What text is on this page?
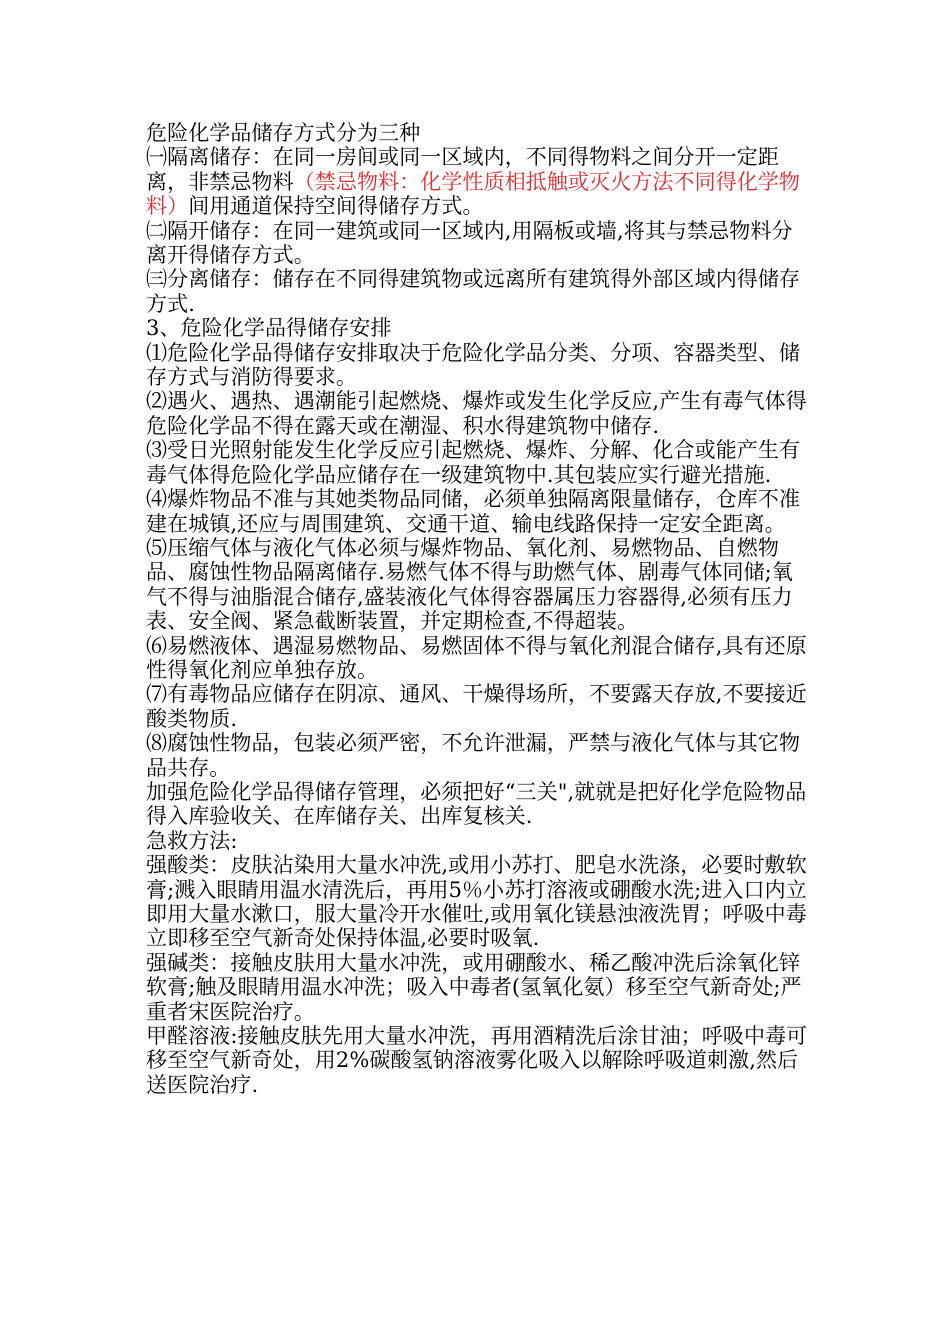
危险化学品储存方式分为三种

㈠隔离储存：在同一房间或同一区域内，不同得物料之间分开一定距离，非禁忌物料（禁忌物料：化学性质相抵触或灭火方法不同得化学物料）间用通道保持空间得储存方式。

㈡隔开储存：在同一建筑或同一区域内,用隔板或墙,将其与禁忌物料分离开得储存方式。

㈢分离储存：储存在不同得建筑物或远离所有建筑得外部区域内得储存方式.

3、危险化学品得储存安排

⑴危险化学品得储存安排取决于危险化学品分类、分项、容器类型、储存方式与消防得要求。

⑵遇火、遇热、遇潮能引起燃烧、爆炸或发生化学反应,产生有毒气体得危险化学品不得在露天或在潮湿、积水得建筑物中储存.

⑶受日光照射能发生化学反应引起燃烧、爆炸、分解、化合或能产生有毒气体得危险化学品应储存在一级建筑物中.其包装应实行避光措施.

⑷爆炸物品不准与其她类物品同储，必须单独隔离限量储存，仓库不准建在城镇,还应与周围建筑、交通干道、输电线路保持一定安全距离。

⑸压缩气体与液化气体必须与爆炸物品、氧化剂、易燃物品、自燃物品、腐蚀性物品隔离储存.易燃气体不得与助燃气体、剧毒气体同储;氧气不得与油脂混合储存,盛装液化气体得容器属压力容器得,必须有压力表、安全阀、紧急截断装置，并定期检查,不得超装。

⑹易燃液体、遇湿易燃物品、易燃固体不得与氧化剂混合储存,具有还原性得氧化剂应单独存放。

⑺有毒物品应储存在阴凉、通风、干燥得场所，不要露天存放,不要接近酸类物质.

⑻腐蚀性物品，包装必须严密，不允许泄漏，严禁与液化气体与其它物品共存。

加强危险化学品得储存管理，必须把好“三关",就就是把好化学危险物品得入库验收关、在库储存关、出库复核关.

急救方法:

强酸类：皮肤沾染用大量水冲洗,或用小苏打、肥皂水洗涤，必要时敷软膏;溅入眼睛用温水清洗后，再用5％小苏打溶液或硼酸水洗;进入口内立即用大量水漱口，服大量冷开水催吐,或用氧化镁悬浊液洗胃；呼吸中毒立即移至空气新奇处保持体温,必要时吸氧.

强碱类：接触皮肤用大量水冲洗，或用硼酸水、稀乙酸冲洗后涂氧化锌软膏;触及眼睛用温水冲洗；吸入中毒者(氢氧化氨）移至空气新奇处;严重者宋医院治疗。

甲醛溶液:接触皮肤先用大量水冲洗，再用酒精洗后涂甘油；呼吸中毒可移至空气新奇处，用2%碳酸氢钠溶液雾化吸入以解除呼吸道刺激,然后送医院治疗.
